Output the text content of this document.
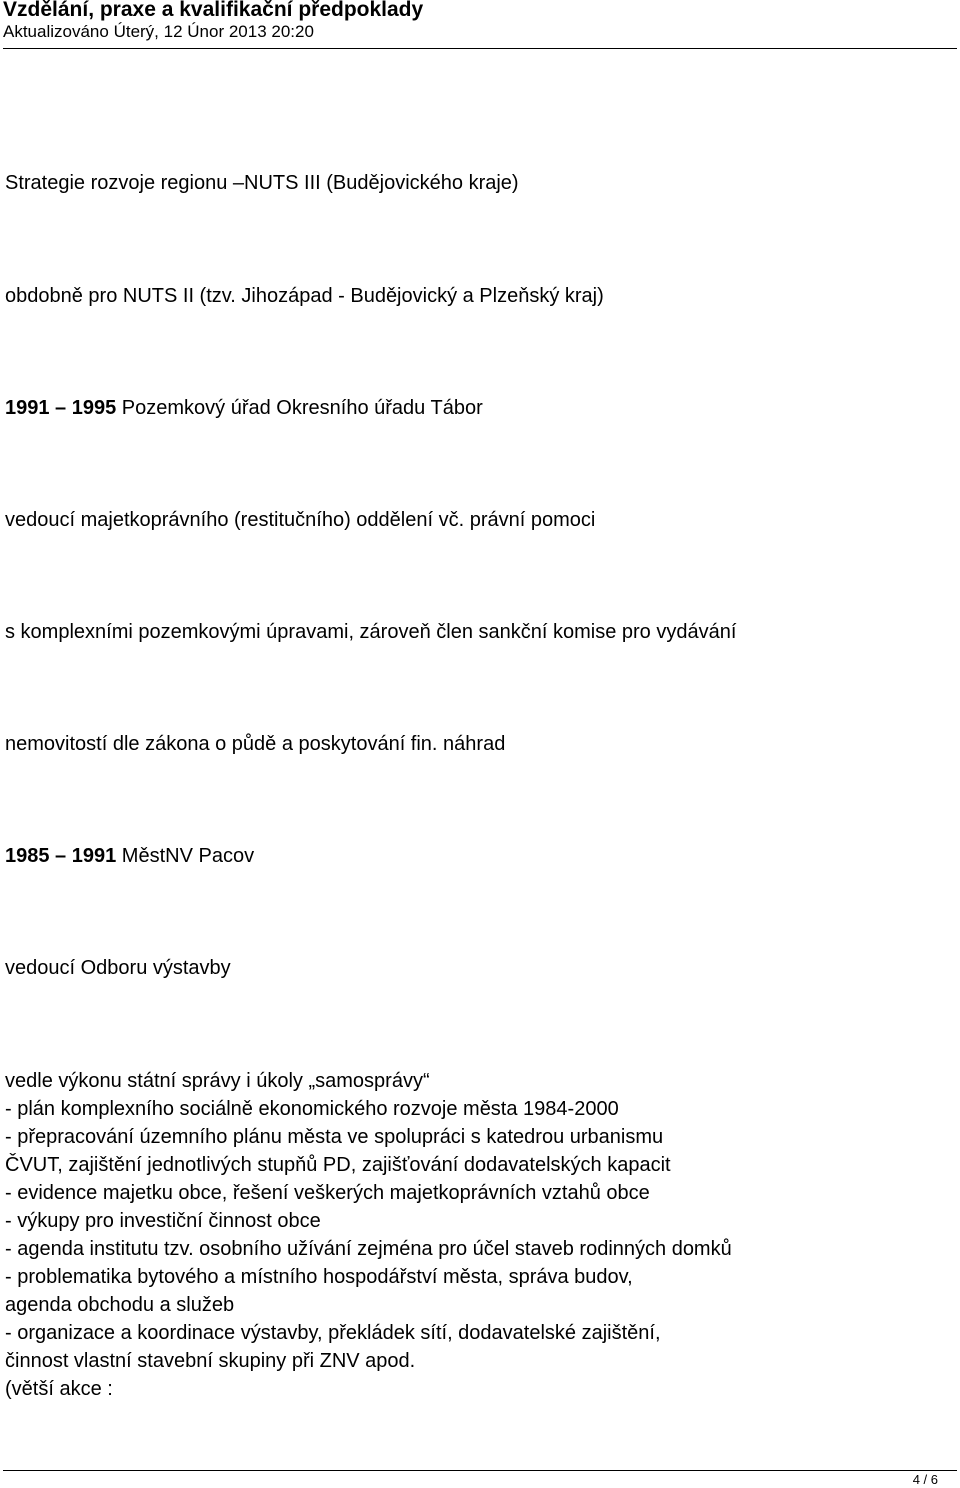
Vzdělání, praxe a kvalifikační předpoklady
Aktualizováno Úterý, 12 Únor 2013 20:20
Strategie rozvoje regionu –NUTS III (Budějovického kraje)
obdobně pro NUTS II (tzv. Jihozápad - Budějovický a Plzeňský kraj)
1991 – 1995 Pozemkový úřad Okresního úřadu Tábor
vedoucí majetkoprávního (restitučního) oddělení vč. právní pomoci
s komplexními pozemkovými úpravami, zároveň člen sankční komise pro vydávání
nemovitostí dle zákona o půdě a poskytování fin. náhrad
1985 – 1991 MěstNV Pacov
vedoucí Odboru výstavby
vedle výkonu státní správy i úkoly „samosprávy“
- plán komplexního sociálně ekonomického rozvoje města 1984-2000
- přepracování územního plánu města ve spolupráci s katedrou urbanismu
ČVUT, zajištění jednotlivých stupňů PD, zajišťování dodavatelských kapacit
- evidence majetku obce, řešení veškerých majetkoprávních vztahů obce
- výkupy pro investiční činnost obce
- agenda institutu tzv. osobního užívání zejména pro účel staveb rodinných domků
- problematika bytového a místního hospodářství města, správa budov,
agenda obchodu a služeb
- organizace a koordinace výstavby, překládek sítí, dodavatelské zajištění,
činnost vlastní stavební skupiny při ZNV apod.
(větší akce :
4 / 6
